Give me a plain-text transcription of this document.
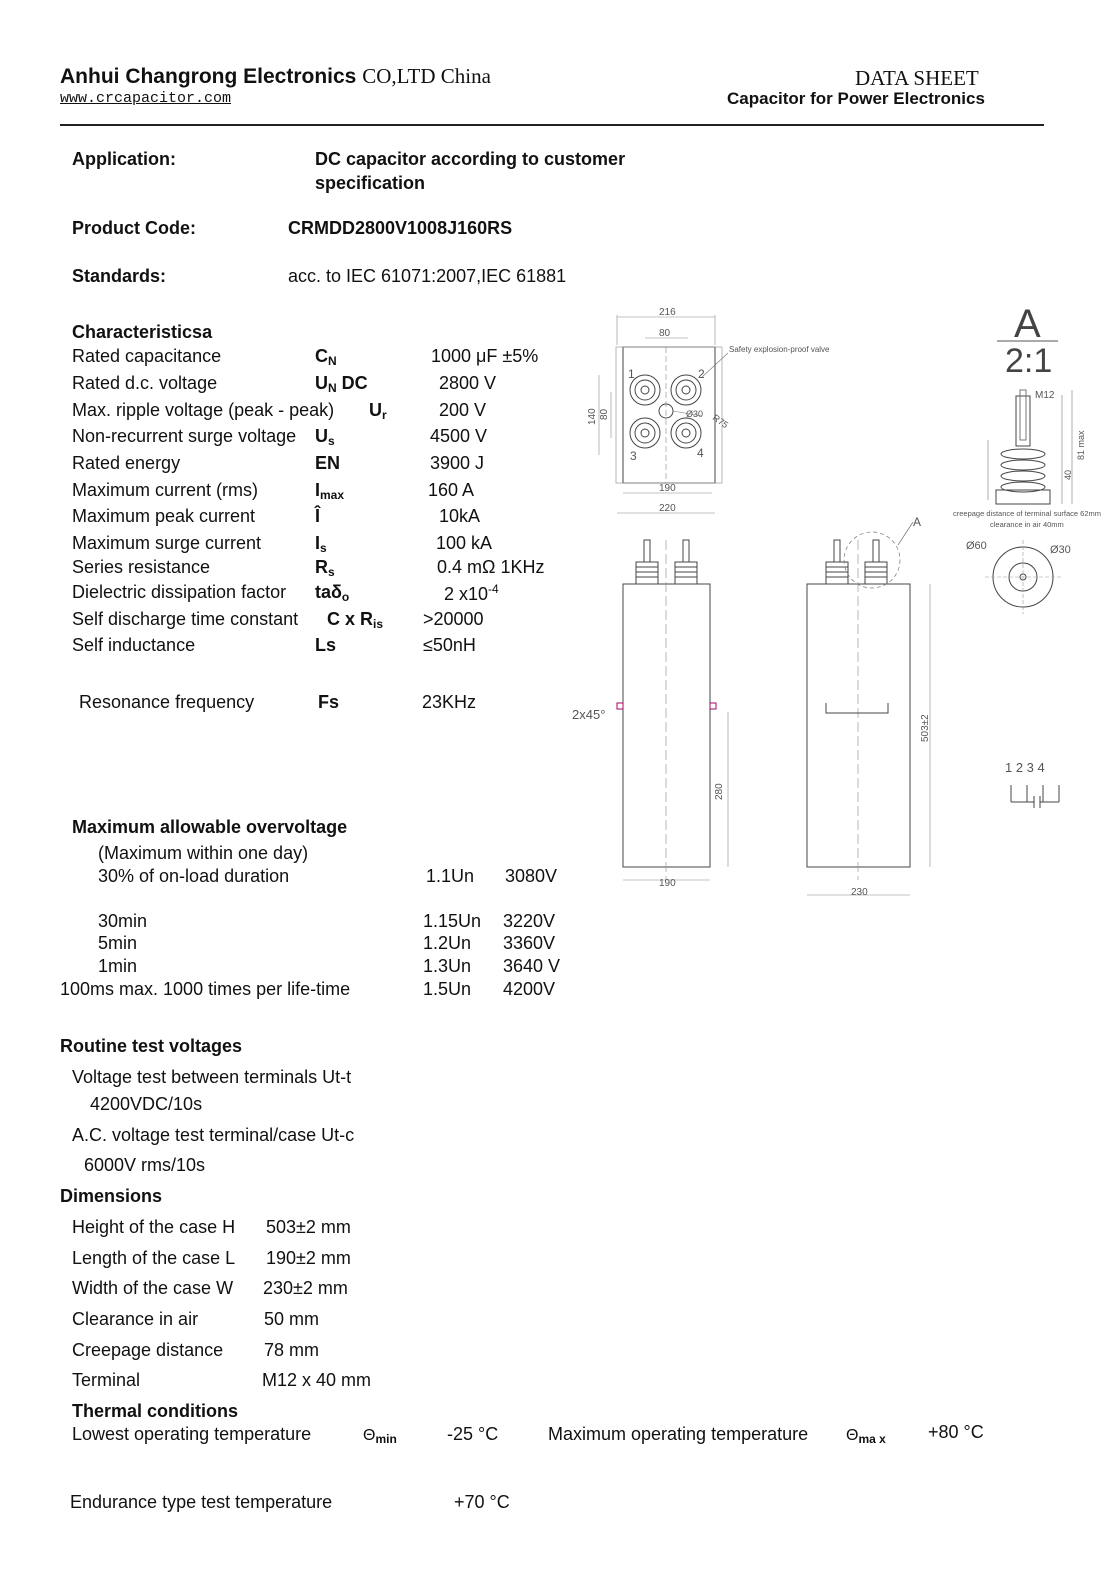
Anhui Changrong Electronics CO,LTD China
www.crcapacitor.com
DATA SHEET
Capacitor for Power Electronics
Application:	DC capacitor according to customer
specification
Product Code:	CRMDD2800V1008J160RS
Standards:	acc. to IEC 61071:2007,IEC 61881
Characteristicsa
Rated capacitance	$C_N$	1000 μF ±5%
Rated d.c. voltage	$U_N$ DC	2800 V
Max. ripple voltage (peak - peak) $U_r$	200 V
Non-recurrent surge voltage $U_s$	4500 V
Rated energy	EN	3900 J
Maximum current (rms)	$I_{max}$	160 A
Maximum peak current	Î	10kA
Maximum surge current	$I_s$	100 kA
Series resistance	$R_s$	0.4 mΩ 1KHz
Dielectric dissipation factor taδ$_o$	2 $x10^{-4}$
Self discharge time constant C x $R_{is} >20000$
Self inductance	Ls	≤50nH
Resonance frequency	Fs	23KHz
Maximum allowable overvoltage
(Maximum within one day)
30% of on-load duration	1.1Un 3080V
30min	1.15Un 3220V
5min	1.2Un 3360V
1min	1.3Un 3640 V
100ms max. 1000 times per life-time	1.5Un 4200V
Routine test voltages
Voltage test between terminals Ut-t
4200VDC/10s
A.C. voltage test terminal/case Ut-c
6000V rms/10s
Dimensions
Height of the case H 503±2 mm
Length of the case L 190±2 mm
Width of the case W 230±2 mm
Clearance in air	50 mm
Creepage distance 78 mm
Terminal	M12 x 40 mm
Thermal conditions
Lowest operating temperature	$\Theta_{min}$	-25 °C	Maximum operating temperature $\Theta_{ma x} +80$ °C
Endurance type test temperature	+70 °C
216
80
Safety explosion-proof valve
140 80	Ø30 R75
1	2
3	4
190
220
A
2:1
M12
81 max
40
creepage distance of terminal surface 62mm
clearance in air 40mm
Ø60	Ø30
A
2x45°
280
503±2
190
230
1 2 3 4
